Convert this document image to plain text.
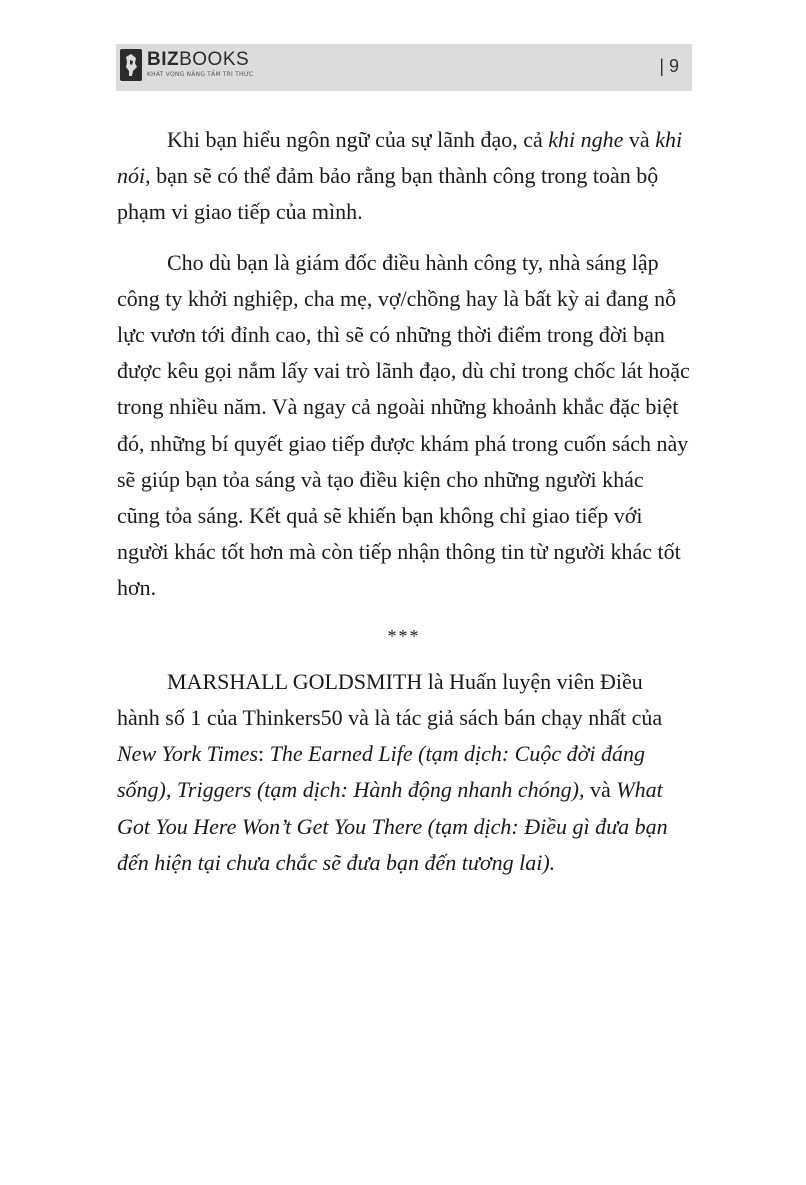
BIZBOOKS
KHÁT VỌNG NÂNG TẦM TRI THỨC	| 9

Khi bạn hiểu ngôn ngữ của sự lãnh đạo, cả khi nghe và khi nói, bạn sẽ có thể đảm bảo rằng bạn thành công trong toàn bộ phạm vi giao tiếp của mình.

Cho dù bạn là giám đốc điều hành công ty, nhà sáng lập công ty khởi nghiệp, cha mẹ, vợ/chồng hay là bất kỳ ai đang nỗ lực vươn tới đỉnh cao, thì sẽ có những thời điểm trong đời bạn được kêu gọi nắm lấy vai trò lãnh đạo, dù chỉ trong chốc lát hoặc trong nhiều năm. Và ngay cả ngoài những khoảnh khắc đặc biệt đó, những bí quyết giao tiếp được khám phá trong cuốn sách này sẽ giúp bạn tỏa sáng và tạo điều kiện cho những người khác cũng tỏa sáng. Kết quả sẽ khiến bạn không chỉ giao tiếp với người khác tốt hơn mà còn tiếp nhận thông tin từ người khác tốt hơn.

***

MARSHALL GOLDSMITH là Huấn luyện viên Điều hành số 1 của Thinkers50 và là tác giả sách bán chạy nhất của New York Times: The Earned Life (tạm dịch: Cuộc đời đáng sống), Triggers (tạm dịch: Hành động nhanh chóng), và What Got You Here Won’t Get You There (tạm dịch: Điều gì đưa bạn đến hiện tại chưa chắc sẽ đưa bạn đến tương lai).
